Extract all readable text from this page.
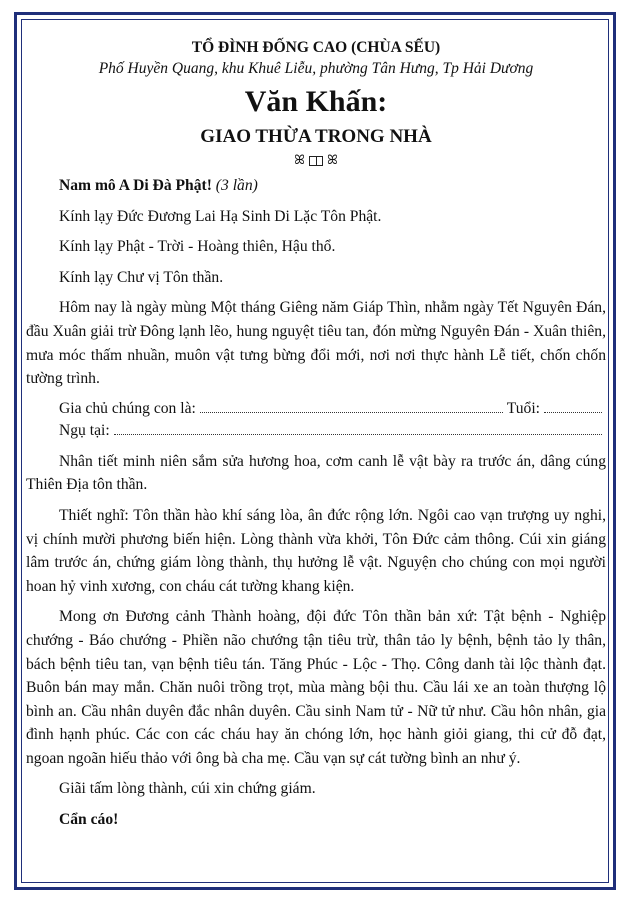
TỔ ĐÌNH ĐỐNG CAO (CHÙA SẾU)

Phố Huyền Quang, khu Khuê Liễu, phường Tân Hưng, Tp Hải Dương

Văn Khấn:

GIAO THỪA TRONG NHÀ

ꕤ ꕤ

Nam mô A Di Đà Phật! (3 lần)

Kính lạy Đức Đương Lai Hạ Sinh Di Lặc Tôn Phật.

Kính lạy Phật - Trời - Hoàng thiên, Hậu thổ.

Kính lạy Chư vị Tôn thần.

Hôm nay là ngày mùng Một tháng Giêng năm Giáp Thìn, nhằm ngày Tết Nguyên Đán, đầu Xuân giải trừ Đông lạnh lẽo, hung nguyệt tiêu tan, đón mừng Nguyên Đán - Xuân thiên, mưa móc thấm nhuần, muôn vật tưng bừng đổi mới, nơi nơi thực hành Lễ tiết, chốn chốn tường trình.

Gia chủ chúng con là:	Tuổi:
Ngụ tại:

Nhân tiết minh niên sắm sửa hương hoa, cơm canh lễ vật bày ra trước án, dâng cúng Thiên Địa tôn thần.

Thiết nghĩ: Tôn thần hào khí sáng lòa, ân đức rộng lớn. Ngôi cao vạn trượng uy nghi, vị chính mười phương biến hiện. Lòng thành vừa khởi, Tôn Đức cảm thông. Cúi xin giáng lâm trước án, chứng giám lòng thành, thụ hưởng lễ vật. Nguyện cho chúng con mọi người hoan hỷ vinh xương, con cháu cát tường khang kiện.

Mong ơn Đương cảnh Thành hoàng, đội đức Tôn thần bản xứ: Tật bệnh - Nghiệp chướng - Báo chướng - Phiền não chướng tận tiêu trừ, thân tảo ly bệnh, bệnh tảo ly thân, bách bệnh tiêu tan, vạn bệnh tiêu tán. Tăng Phúc - Lộc - Thọ. Công danh tài lộc thành đạt. Buôn bán may mắn. Chăn nuôi trồng trọt, mùa màng bội thu. Cầu lái xe an toàn thượng lộ bình an. Cầu nhân duyên đắc nhân duyên. Cầu sinh Nam tử - Nữ tử như. Cầu hôn nhân, gia đình hạnh phúc. Các con các cháu hay ăn chóng lớn, học hành giỏi giang, thi cử đỗ đạt, ngoan ngoãn hiếu thảo với ông bà cha mẹ. Cầu vạn sự cát tường bình an như ý.

Giãi tấm lòng thành, cúi xin chứng giám.

Cẩn cáo!
